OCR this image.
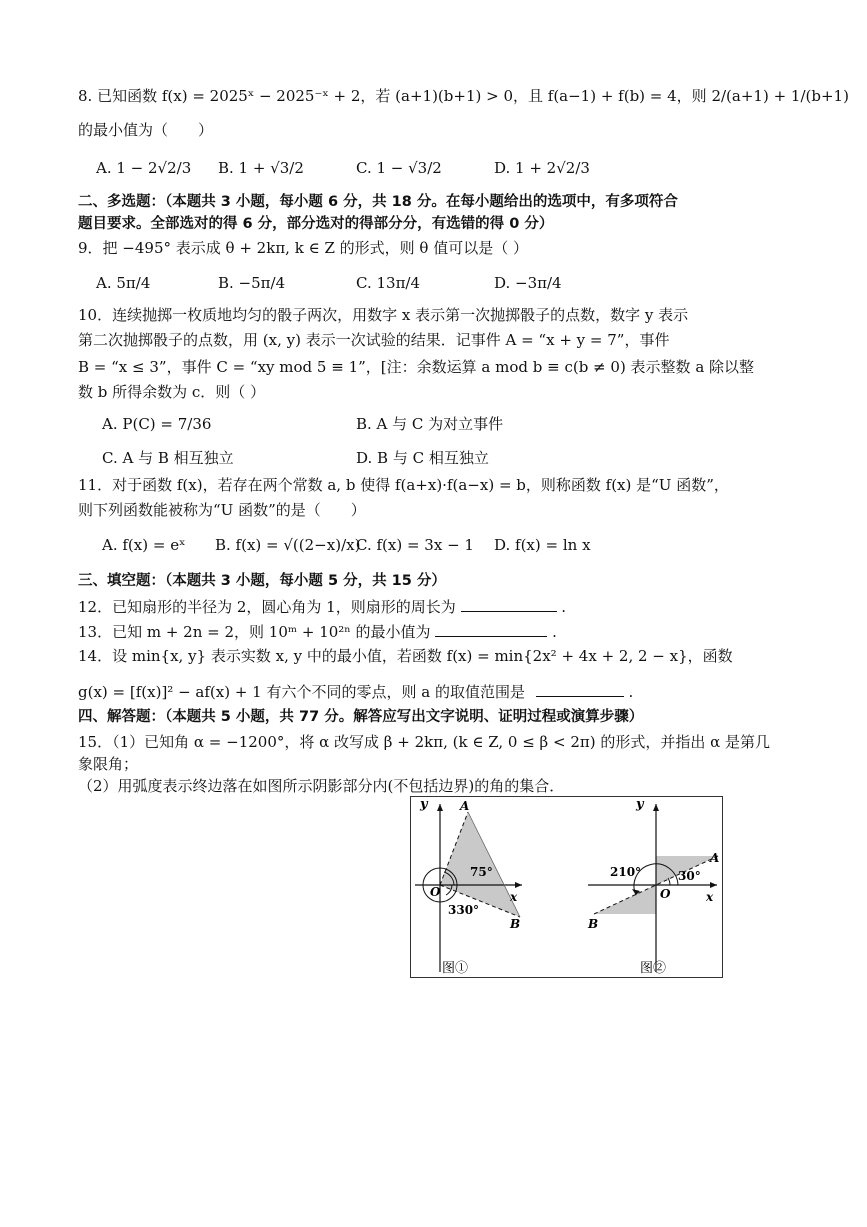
8. 已知函数 f(x) = 2025ˣ − 2025⁻ˣ + 2，若 (a+1)(b+1) > 0，且 f(a−1) + f(b) = 4，则 2/(a+1) + 1/(b+1)
的最小值为（　　）
A. 1 − 2√2/3 B. 1 + √3/2	C. 1 − √3/2	D. 1 + 2√2/3
二、多选题：（本题共 3 小题，每小题 6 分，共 18 分。在每小题给出的选项中，有多项符合
题目要求。全部选对的得 6 分，部分选对的得部分分，有选错的得 0 分）
9．把 −495° 表示成 θ + 2kπ, k ∈ Z 的形式，则 θ 值可以是（ ）
A. 5π/4	B. −5π/4	C. 13π/4	D. −3π/4
10．连续抛掷一枚质地均匀的骰子两次，用数字 x 表示第一次抛掷骰子的点数，数字 y 表示
第二次抛掷骰子的点数，用 (x, y) 表示一次试验的结果．记事件 A = “x + y = 7”，事件
B = “x ≤ 3”，事件 C = “xy mod 5 ≡ 1”，[注：余数运算 a mod b ≡ c(b ≠ 0) 表示整数 a 除以整
数 b 所得余数为 c．则（ ）
A. P(C) = 7/36	B. A 与 C 为对立事件
C. A 与 B 相互独立	D. B 与 C 相互独立
11．对于函数 f(x)，若存在两个常数 a, b 使得 f(a+x)·f(a−x) = b，则称函数 f(x) 是“U 函数”，
则下列函数能被称为“U 函数”的是（　　）
A. f(x) = eˣ B. f(x) = √((2−x)/x)
C. f(x) = 3x − 1 D. f(x) = ln x
三、填空题：（本题共 3 小题，每小题 5 分，共 15 分）
12．已知扇形的半径为 2，圆心角为 1，则扇形的周长为	.
13．已知 m + 2n = 2，则 10ᵐ + 10²ⁿ 的最小值为	.
14．设 min{x, y} 表示实数 x, y 中的最小值，若函数 f(x) = min{2x² + 4x + 2, 2 − x}，函数
g(x) = [f(x)]² − af(x) + 1 有六个不同的零点，则 a 的取值范围是	.
四、解答题：（本题共 5 小题，共 77 分。解答应写出文字说明、证明过程或演算步骤）
15．（1）已知角 α = −1200°，将 α 改写成 β + 2kπ, (k ∈ Z, 0 ≤ β < 2π) 的形式，并指出 α 是第几
象限角；
（2）用弧度表示终边落在如图所示阴影部分内(不包括边界)的角的集合．
y
x
O
A
B
75°
330°
图①
y
x
O
A
B
210°	30°
图②
